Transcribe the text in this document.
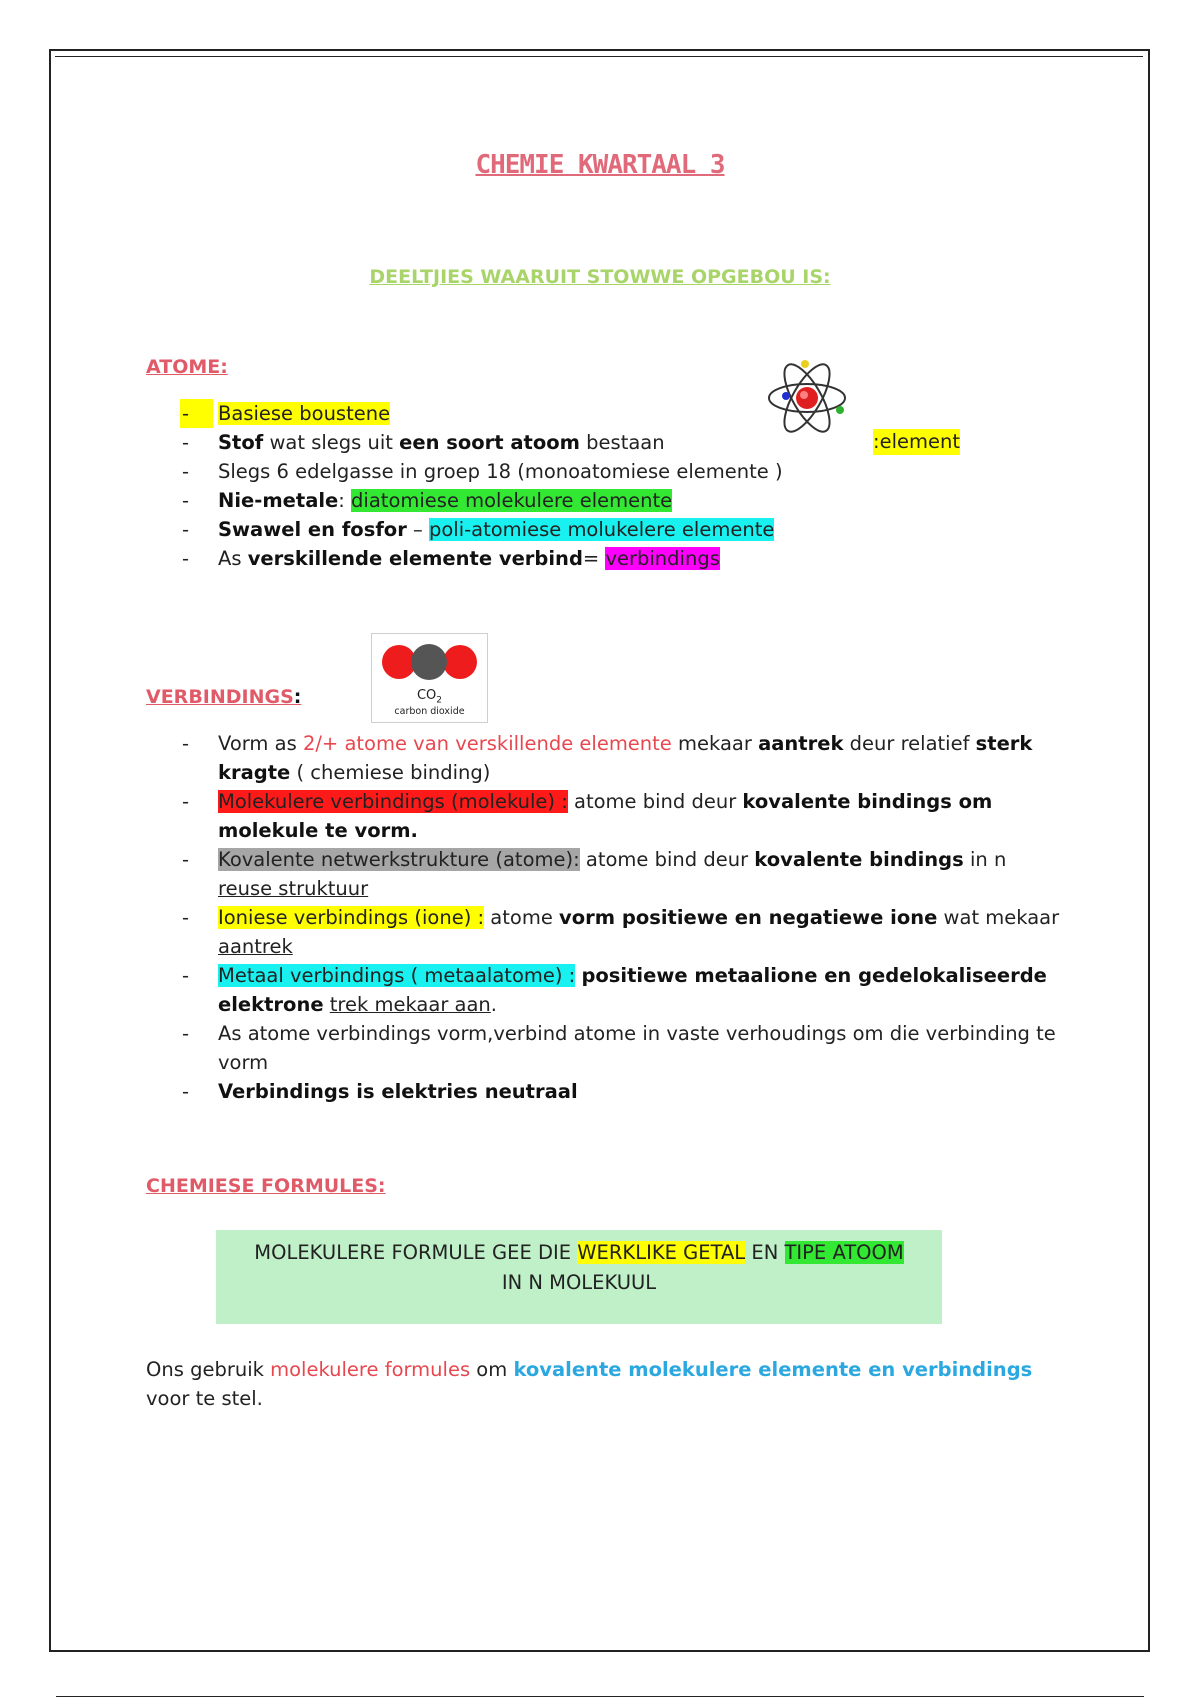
CHEMIE KWARTAAL 3
DEELTJIES WAARUIT STOWWE OPGEBOU IS:
ATOME:
:element
- Basiese boustene
- Stof wat slegs uit een soort atoom bestaan
- Slegs 6 edelgasse in groep 18 (monoatomiese elemente )
- Nie-metale: diatomiese molekulere elemente
- Swawel en fosfor – poli-atomiese molukelere elemente
- As verskillende elemente verbind= verbindings
VERBINDINGS:	$CO_2$
carbon dioxide
- Vorm as 2/+ atome van verskillende elemente mekaar aantrek deur relatief sterk kragte ( chemiese binding)
- Molekulere verbindings (molekule) : atome bind deur kovalente bindings om molekule te vorm.
- Kovalente netwerkstrukture (atome): atome bind deur kovalente bindings in n reuse struktuur
- Ioniese verbindings (ione) : atome vorm positiewe en negatiewe ione wat mekaar aantrek
- Metaal verbindings ( metaalatome) : positiewe metaalione en gedelokaliseerde elektrone trek mekaar aan.
- As atome verbindings vorm,verbind atome in vaste verhoudings om die verbinding te vorm
- Verbindings is elektries neutraal
CHEMIESE FORMULES:
MOLEKULERE FORMULE GEE DIE WERKLIKE GETAL EN TIPE ATOOM
IN N MOLEKUUL
Ons gebruik molekulere formules om kovalente molekulere elemente en verbindings voor te stel.
